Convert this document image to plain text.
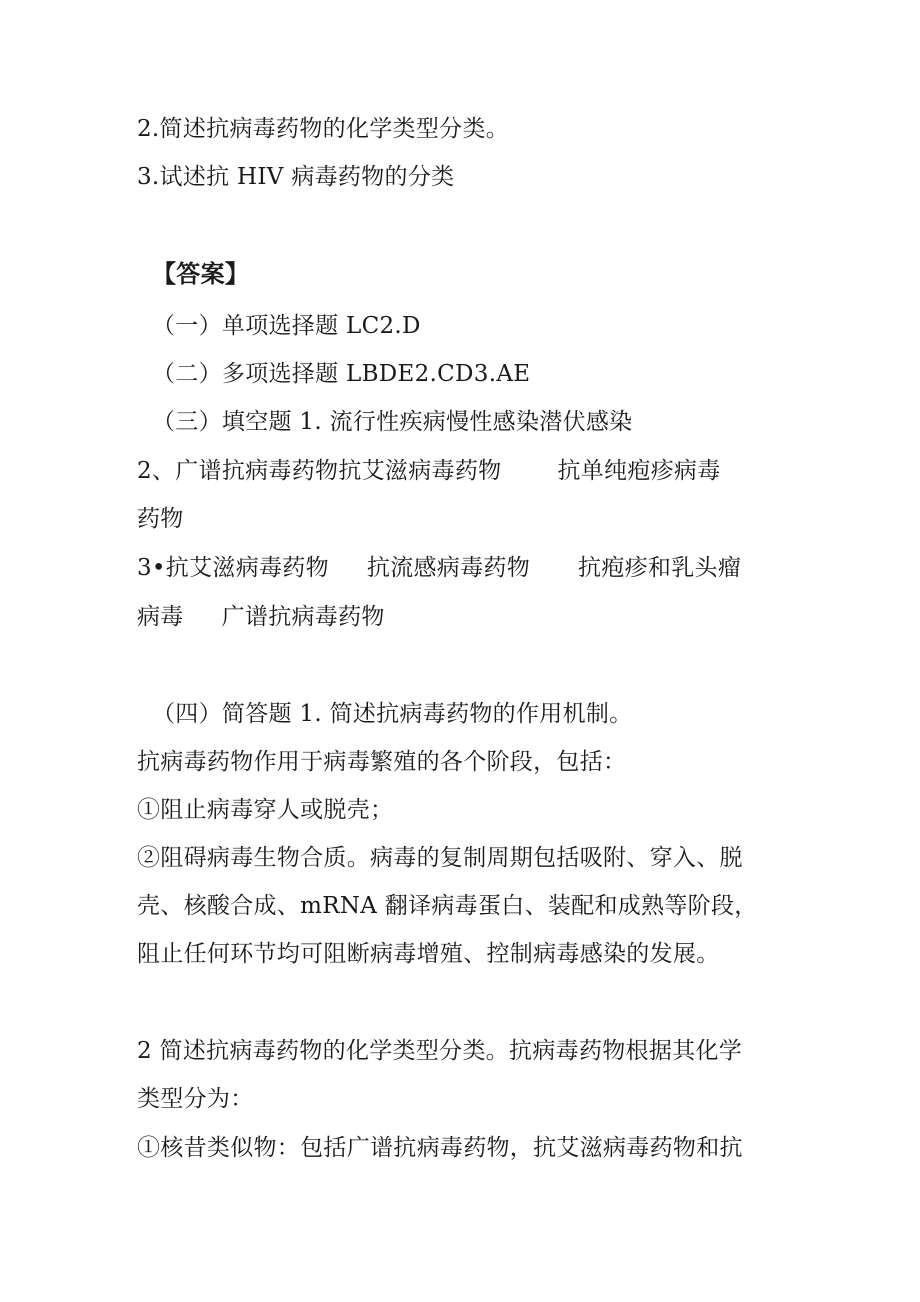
2.简述抗病毒药物的化学类型分类。
3.试述抗 HIV 病毒药物的分类
【答案】
（一）单项选择题 LC2.D
（二）多项选择题 LBDE2.CD3.AE
（三）填空题 1. 流行性疾病慢性感染潜伏感染
2、广谱抗病毒药物抗艾滋病毒药物 抗单纯疱疹病毒
药物
3•抗艾滋病毒药物 抗流感病毒药物 抗疱疹和乳头瘤
病毒 广谱抗病毒药物
（四）简答题 1. 简述抗病毒药物的作用机制。
抗病毒药物作用于病毒繁殖的各个阶段，包括：
①阻止病毒穿人或脱壳；
②阻碍病毒生物合质。病毒的复制周期包括吸附、穿入、脱
壳、核酸合成、mRNA 翻译病毒蛋白、装配和成熟等阶段，
阻止任何环节均可阻断病毒增殖、控制病毒感染的发展。
2 简述抗病毒药物的化学类型分类。抗病毒药物根据其化学
类型分为：
①核昔类似物：包括广谱抗病毒药物，抗艾滋病毒药物和抗
